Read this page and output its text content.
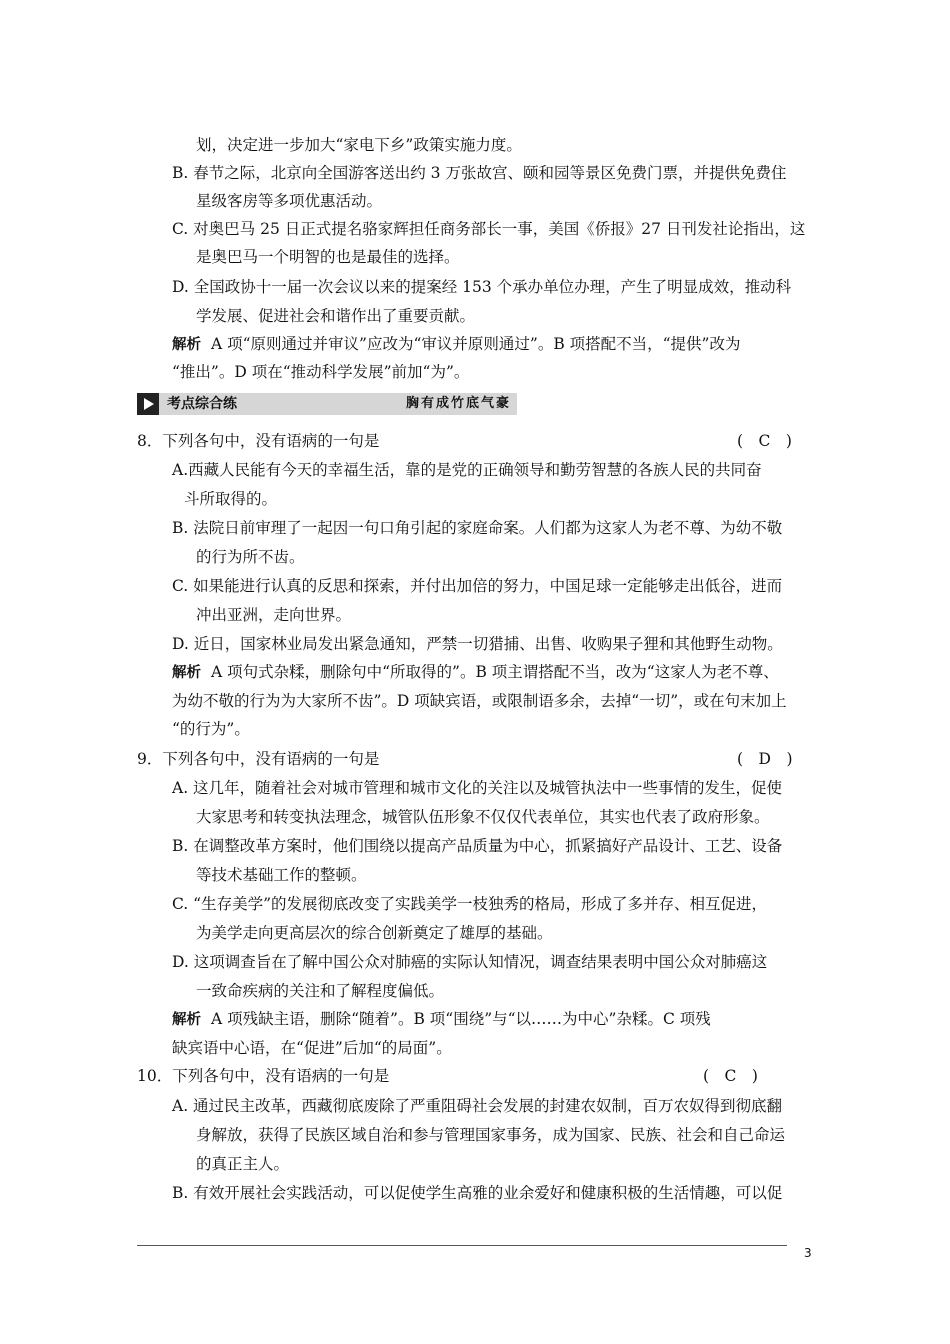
划，决定进一步加大“家电下乡”政策实施力度。
B. 春节之际，北京向全国游客送出约 3 万张故宫、颐和园等景区免费门票，并提供免费住
星级客房等多项优惠活动。
C. 对奥巴马 25 日正式提名骆家辉担任商务部长一事，美国《侨报》27 日刊发社论指出，这
是奥巴马一个明智的也是最佳的选择。
D. 全国政协十一届一次会议以来的提案经 153 个承办单位办理，产生了明显成效，推动科
学发展、促进社会和谐作出了重要贡献。
解析 A 项“原则通过并审议”应改为“审议并原则通过”。B 项搭配不当，“提供”改为
“推出”。D 项在“推动科学发展”前加“为”。
考点综合练	胸有成竹底气豪
8．下列各句中，没有语病的一句是	(　C　)
A.西藏人民能有今天的幸福生活，靠的是党的正确领导和勤劳智慧的各族人民的共同奋
斗所取得的。
B. 法院日前审理了一起因一句口角引起的家庭命案。人们都为这家人为老不尊、为幼不敬
的行为所不齿。
C. 如果能进行认真的反思和探索，并付出加倍的努力，中国足球一定能够走出低谷，进而
冲出亚洲，走向世界。
D. 近日，国家林业局发出紧急通知，严禁一切猎捕、出售、收购果子狸和其他野生动物。
解析 A 项句式杂糅，删除句中“所取得的”。B 项主谓搭配不当，改为“这家人为老不尊、
为幼不敬的行为为大家所不齿”。D 项缺宾语，或限制语多余，去掉“一切”，或在句末加上
“的行为”。
9．下列各句中，没有语病的一句是	(　D　)
A. 这几年，随着社会对城市管理和城市文化的关注以及城管执法中一些事情的发生，促使
大家思考和转变执法理念，城管队伍形象不仅仅代表单位，其实也代表了政府形象。
B. 在调整改革方案时，他们围绕以提高产品质量为中心，抓紧搞好产品设计、工艺、设备
等技术基础工作的整顿。
C. “生存美学”的发展彻底改变了实践美学一枝独秀的格局，形成了多并存、相互促进，
为美学走向更高层次的综合创新奠定了雄厚的基础。
D. 这项调查旨在了解中国公众对肺癌的实际认知情况，调查结果表明中国公众对肺癌这
一致命疾病的关注和了解程度偏低。
解析 A 项残缺主语，删除“随着”。B 项“围绕”与“以……为中心”杂糅。C 项残
缺宾语中心语，在“促进”后加“的局面”。
10．下列各句中，没有语病的一句是	(　C　)
A. 通过民主改革，西藏彻底废除了严重阻碍社会发展的封建农奴制，百万农奴得到彻底翻
身解放，获得了民族区域自治和参与管理国家事务，成为国家、民族、社会和自己命运
的真正主人。
B. 有效开展社会实践活动，可以促使学生高雅的业余爱好和健康积极的生活情趣，可以促
3
